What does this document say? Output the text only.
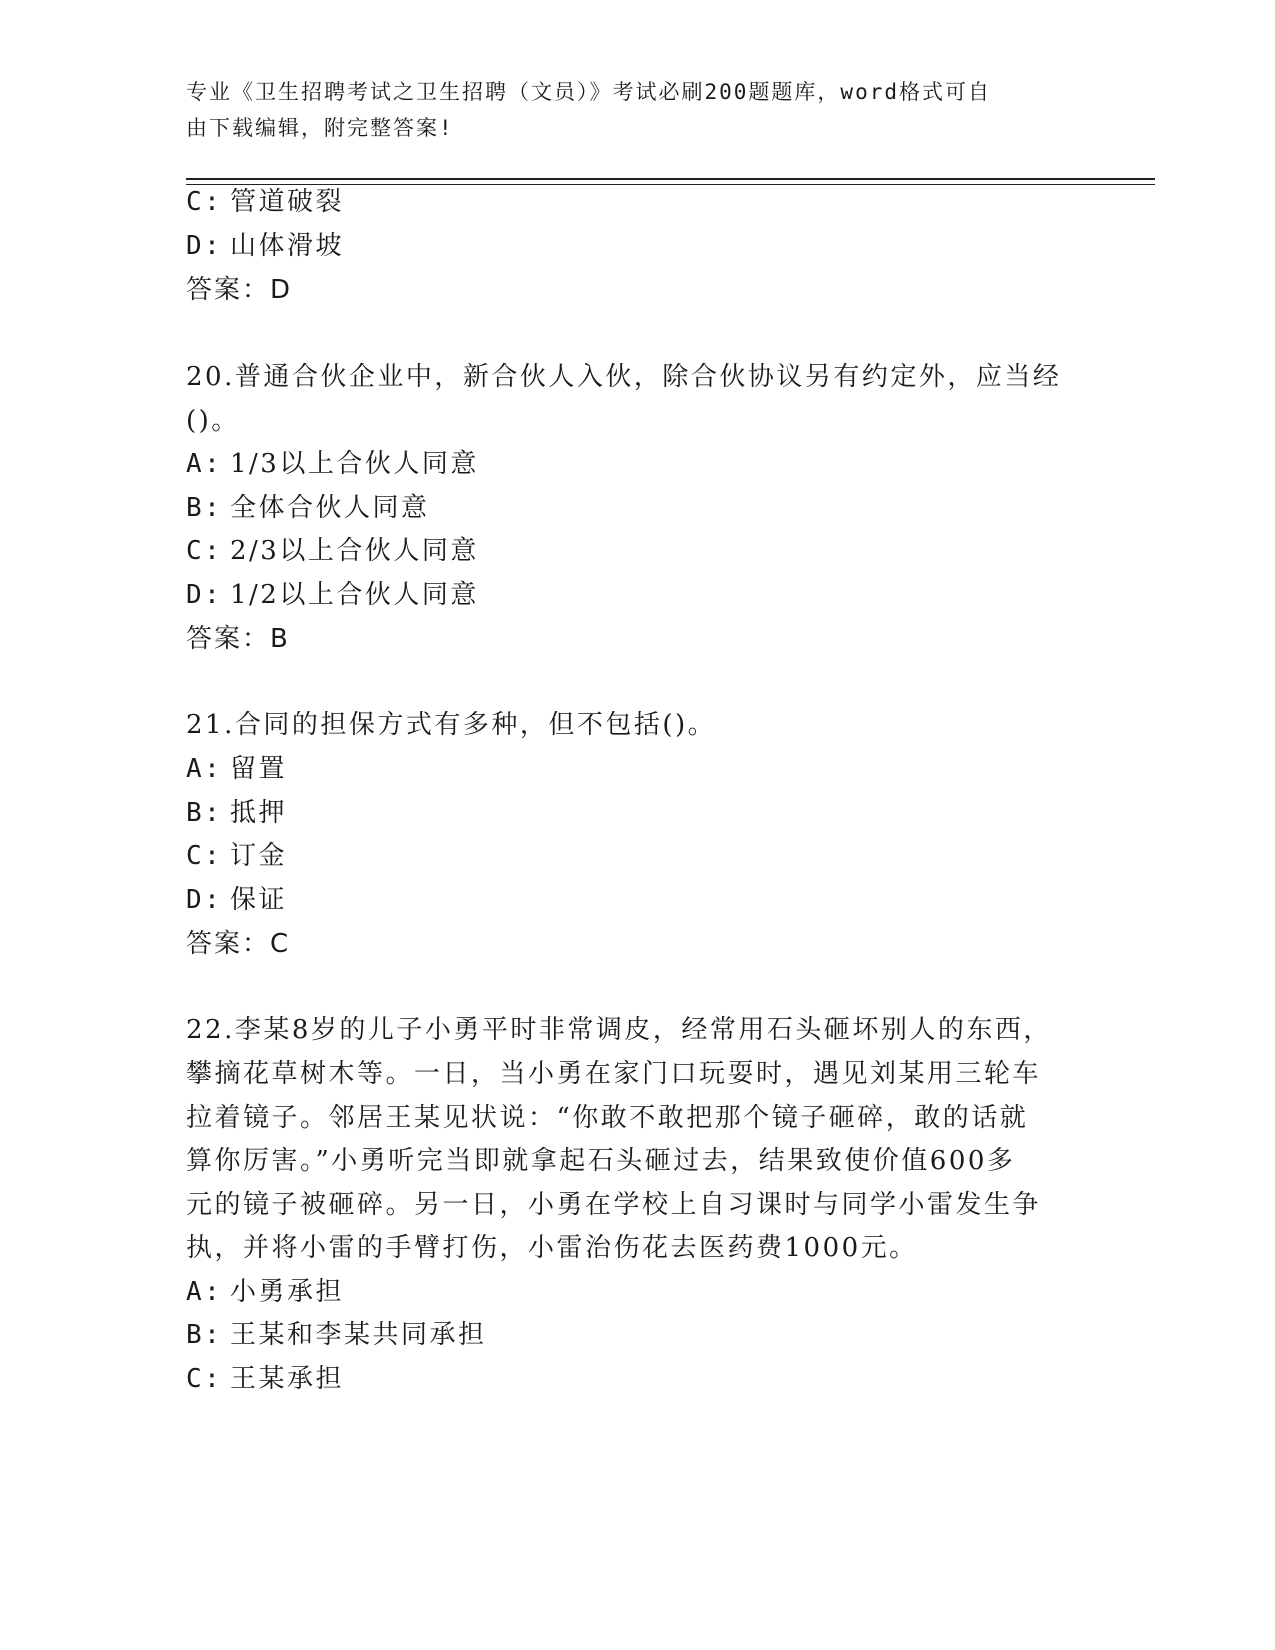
专业《卫生招聘考试之卫生招聘（文员）》考试必刷200题题库，word格式可自
由下载编辑，附完整答案!
C: 管道破裂
D: 山体滑坡
答案：D
20.普通合伙企业中，新合伙人入伙，除合伙协议另有约定外，应当经
()。
A: 1/3以上合伙人同意
B: 全体合伙人同意
C: 2/3以上合伙人同意
D: 1/2以上合伙人同意
答案：B
21.合同的担保方式有多种，但不包括()。
A: 留置
B: 抵押
C: 订金
D: 保证
答案：C
22.李某8岁的儿子小勇平时非常调皮，经常用石头砸坏别人的东西，
攀摘花草树木等。一日，当小勇在家门口玩耍时，遇见刘某用三轮车
拉着镜子。邻居王某见状说：“你敢不敢把那个镜子砸碎，敢的话就
算你厉害。”小勇听完当即就拿起石头砸过去，结果致使价值600多
元的镜子被砸碎。另一日，小勇在学校上自习课时与同学小雷发生争
执，并将小雷的手臂打伤，小雷治伤花去医药费1000元。
A: 小勇承担
B: 王某和李某共同承担
C: 王某承担
